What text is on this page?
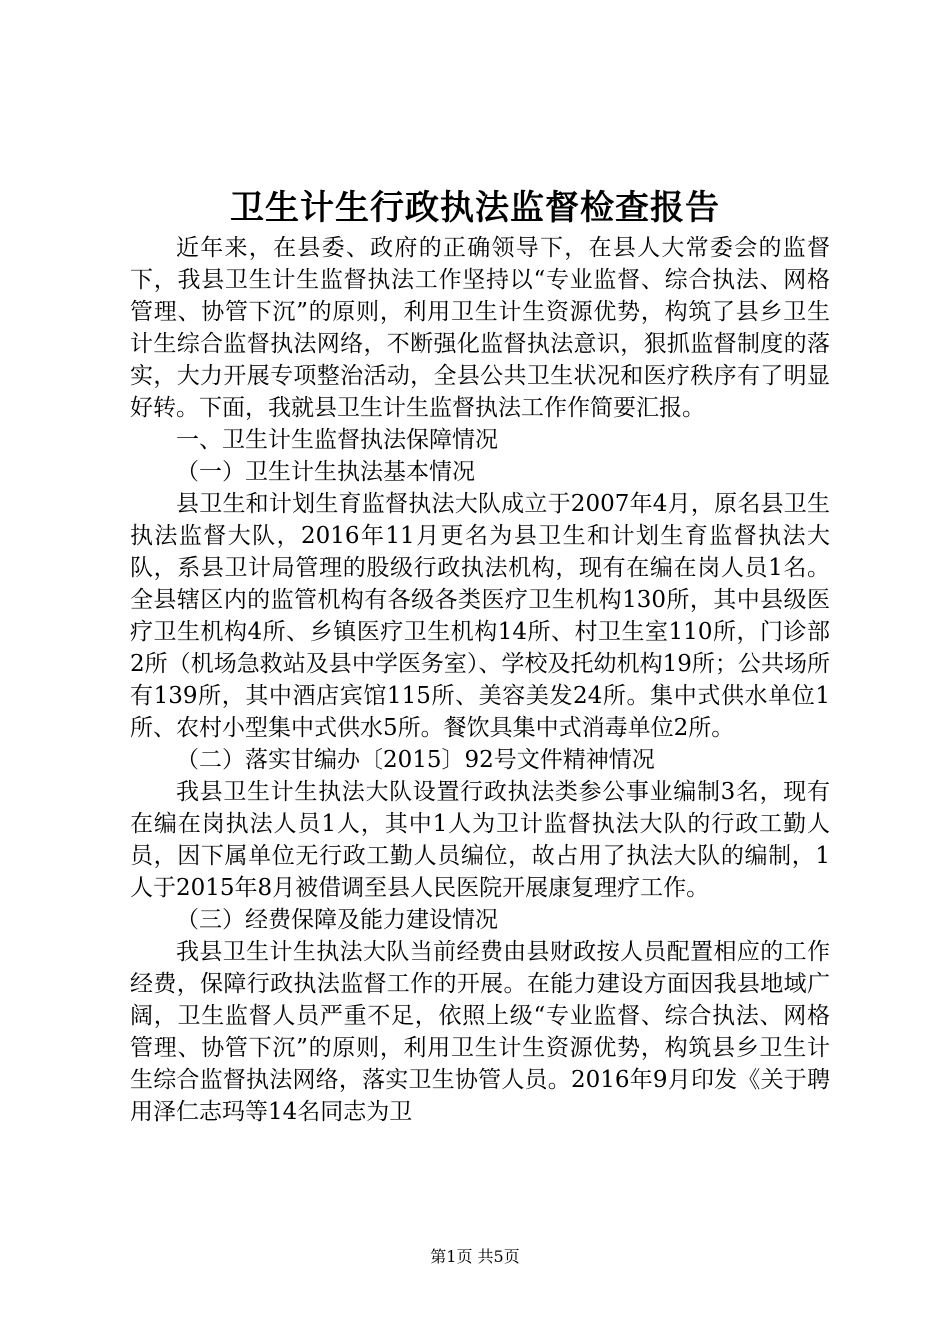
卫生计生行政执法监督检查报告

近年来，在县委、政府的正确领导下，在县人大常委会的监督下，我县卫生计生监督执法工作坚持以“专业监督、综合执法、网格管理、协管下沉”的原则，利用卫生计生资源优势，构筑了县乡卫生计生综合监督执法网络，不断强化监督执法意识，狠抓监督制度的落实，大力开展专项整治活动，全县公共卫生状况和医疗秩序有了明显好转。下面，我就县卫生计生监督执法工作作简要汇报。

一、卫生计生监督执法保障情况

（一）卫生计生执法基本情况

县卫生和计划生育监督执法大队成立于2007年4月，原名县卫生执法监督大队，2016年11月更名为县卫生和计划生育监督执法大队，系县卫计局管理的股级行政执法机构，现有在编在岗人员1名。全县辖区内的监管机构有各级各类医疗卫生机构130所，其中县级医疗卫生机构4所、乡镇医疗卫生机构14所、村卫生室110所，门诊部2所（机场急救站及县中学医务室）、学校及托幼机构19所；公共场所有139所，其中酒店宾馆115所、美容美发24所。集中式供水单位1所、农村小型集中式供水5所。餐饮具集中式消毒单位2所。

（二）落实甘编办〔2015〕92号文件精神情况

我县卫生计生执法大队设置行政执法类参公事业编制3名，现有在编在岗执法人员1人，其中1人为卫计监督执法大队的行政工勤人员，因下属单位无行政工勤人员编位，故占用了执法大队的编制，1人于2015年8月被借调至县人民医院开展康复理疗工作。

（三）经费保障及能力建设情况

我县卫生计生执法大队当前经费由县财政按人员配置相应的工作经费，保障行政执法监督工作的开展。在能力建设方面因我县地域广阔，卫生监督人员严重不足，依照上级“专业监督、综合执法、网格管理、协管下沉”的原则，利用卫生计生资源优势，构筑县乡卫生计生综合监督执法网络，落实卫生协管人员。2016年9月印发《关于聘用泽仁志玛等14名同志为卫

第1页 共5页
